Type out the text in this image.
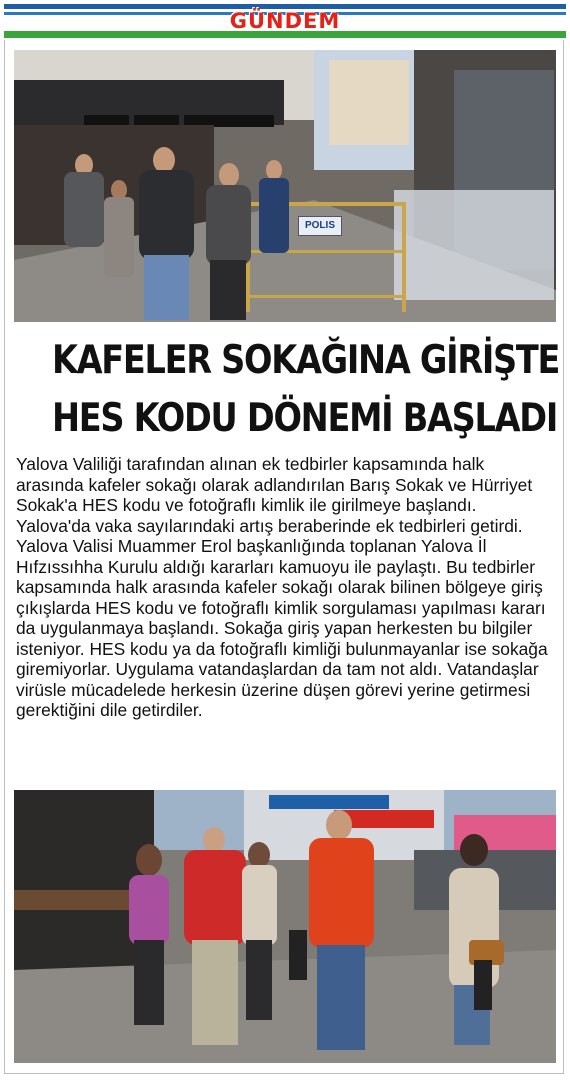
GÜNDEM
POLIS
KAFELER SOKAĞINA GİRİŞTE
HES KODU DÖNEMİ BAŞLADI

Yalova Valiliği tarafından alınan ek tedbirler kapsamında halk arasında kafeler sokağı olarak adlandırılan Barış Sokak ve Hürriyet Sokak'a HES kodu ve fotoğraflı kimlik ile girilmeye başlandı.

Yalova'da vaka sayılarındaki artış beraberinde ek tedbirleri getirdi. Yalova Valisi Muammer Erol başkanlığında toplanan Yalova İl Hıfzıssıhha Kurulu aldığı kararları kamuoyu ile paylaştı. Bu tedbirler kapsamında halk arasında kafeler sokağı olarak bilinen bölgeye giriş çıkışlarda HES kodu ve fotoğraflı kimlik sorgulaması yapılması kararı da uygulanmaya başlandı. Sokağa giriş yapan herkesten bu bilgiler isteniyor. HES kodu ya da fotoğraflı kimliği bulunmayanlar ise sokağa giremiyorlar. Uygulama vatandaşlardan da tam not aldı. Vatandaşlar virüsle mücadelede herkesin üzerine düşen görevi yerine getirmesi gerektiğini dile getirdiler.
